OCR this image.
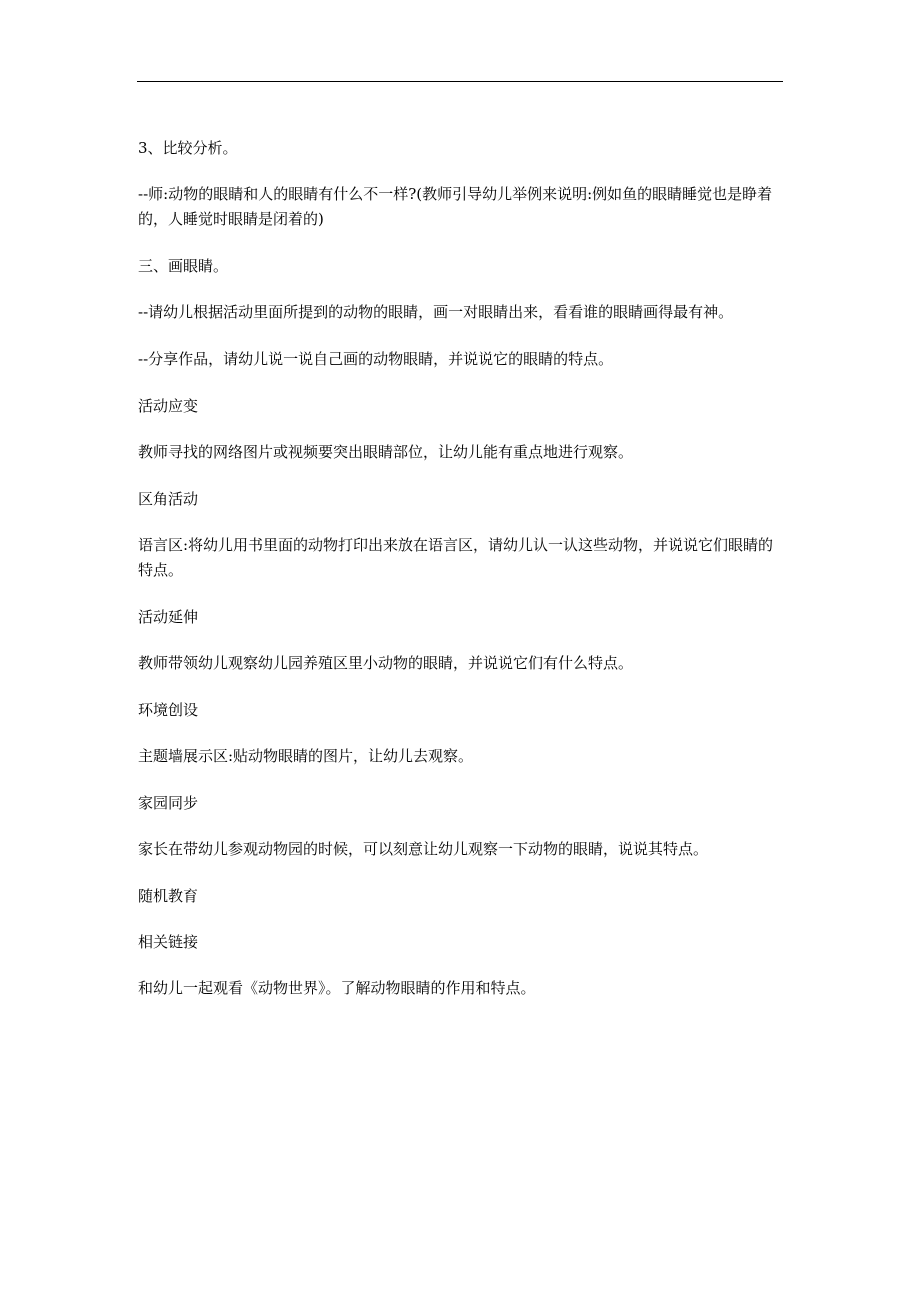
3、比较分析。

--师:动物的眼睛和人的眼睛有什么不一样?(教师引导幼儿举例来说明:例如鱼的眼睛睡觉也是睁着的，人睡觉时眼睛是闭着的)

三、画眼睛。

--请幼儿根据活动里面所提到的动物的眼睛，画一对眼睛出来，看看谁的眼睛画得最有神。

--分享作品，请幼儿说一说自己画的动物眼睛，并说说它的眼睛的特点。

活动应变

教师寻找的网络图片或视频要突出眼睛部位，让幼儿能有重点地进行观察。

区角活动

语言区:将幼儿用书里面的动物打印出来放在语言区，请幼儿认一认这些动物，并说说它们眼睛的特点。

活动延伸

教师带领幼儿观察幼儿园养殖区里小动物的眼睛，并说说它们有什么特点。

环境创设

主题墙展示区:贴动物眼睛的图片，让幼儿去观察。

家园同步

家长在带幼儿参观动物园的时候，可以刻意让幼儿观察一下动物的眼睛，说说其特点。

随机教育

相关链接

和幼儿一起观看《动物世界》。了解动物眼睛的作用和特点。
